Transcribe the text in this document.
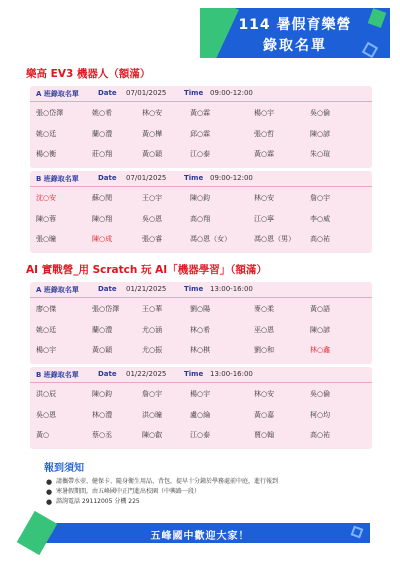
114 暑假育樂營
錄取名單
樂高 EV3 機器人（額滿）
A 班錄取名單	Date 07/01/2025	Time 09:00-12:00
張○岱澤	姚○希	林○安	黃○霖	楊○宇	吳○倫
姚○廷	蘭○澧	黃○樺	邱○霖	張○哲	陳○諺
楊○衡	莊○翔	黃○穎	江○泰	黃○霖	朱○瑄
B 班錄取名單	Date 07/01/2025	Time 09:00-12:00
沈○安	蘇○閔	王○宇	陳○鈞	林○安	詹○宇
陳○蓉	陳○翔	吳○恩	高○翔	江○寧	李○威
張○瞳	陳○成	張○睿	馮○恩（女）	馮○恩（男） 高○祐
AI 實戰營_用 Scratch 玩 AI「機器學習」（額滿）
A 班錄取名單	Date 01/21/2025	Time 13:00-16:00
廖○傑	張○岱澤	王○華	劉○陽	麥○柔	黃○語
姚○廷	蘭○澧	尤○涵	林○希	巫○恩	陳○諺
楊○宇	黃○穎	尤○振	林○棋	劉○和	林○鑫
B 班錄取名單	Date 01/22/2025	Time 13:00-16:00
洪○辰	陳○鈞	詹○宇	楊○宇	林○安	吳○倫
吳○恩	林○澧	洪○瞳	盧○綸	黃○嘉	柯○均
黃○	蔡○丞	陳○叡	江○泰	賈○翰	高○祐
報到須知
● 請攜帶水壺、健保卡、隨身衛生用品、背包，提早十分鐘於學務處前中庭，進行報到
● 寒暑假期間，由五峰國中正門進出校園（中興路一段）
● 諮詢電話 29112005 分機 225
五峰國中歡迎大家！
